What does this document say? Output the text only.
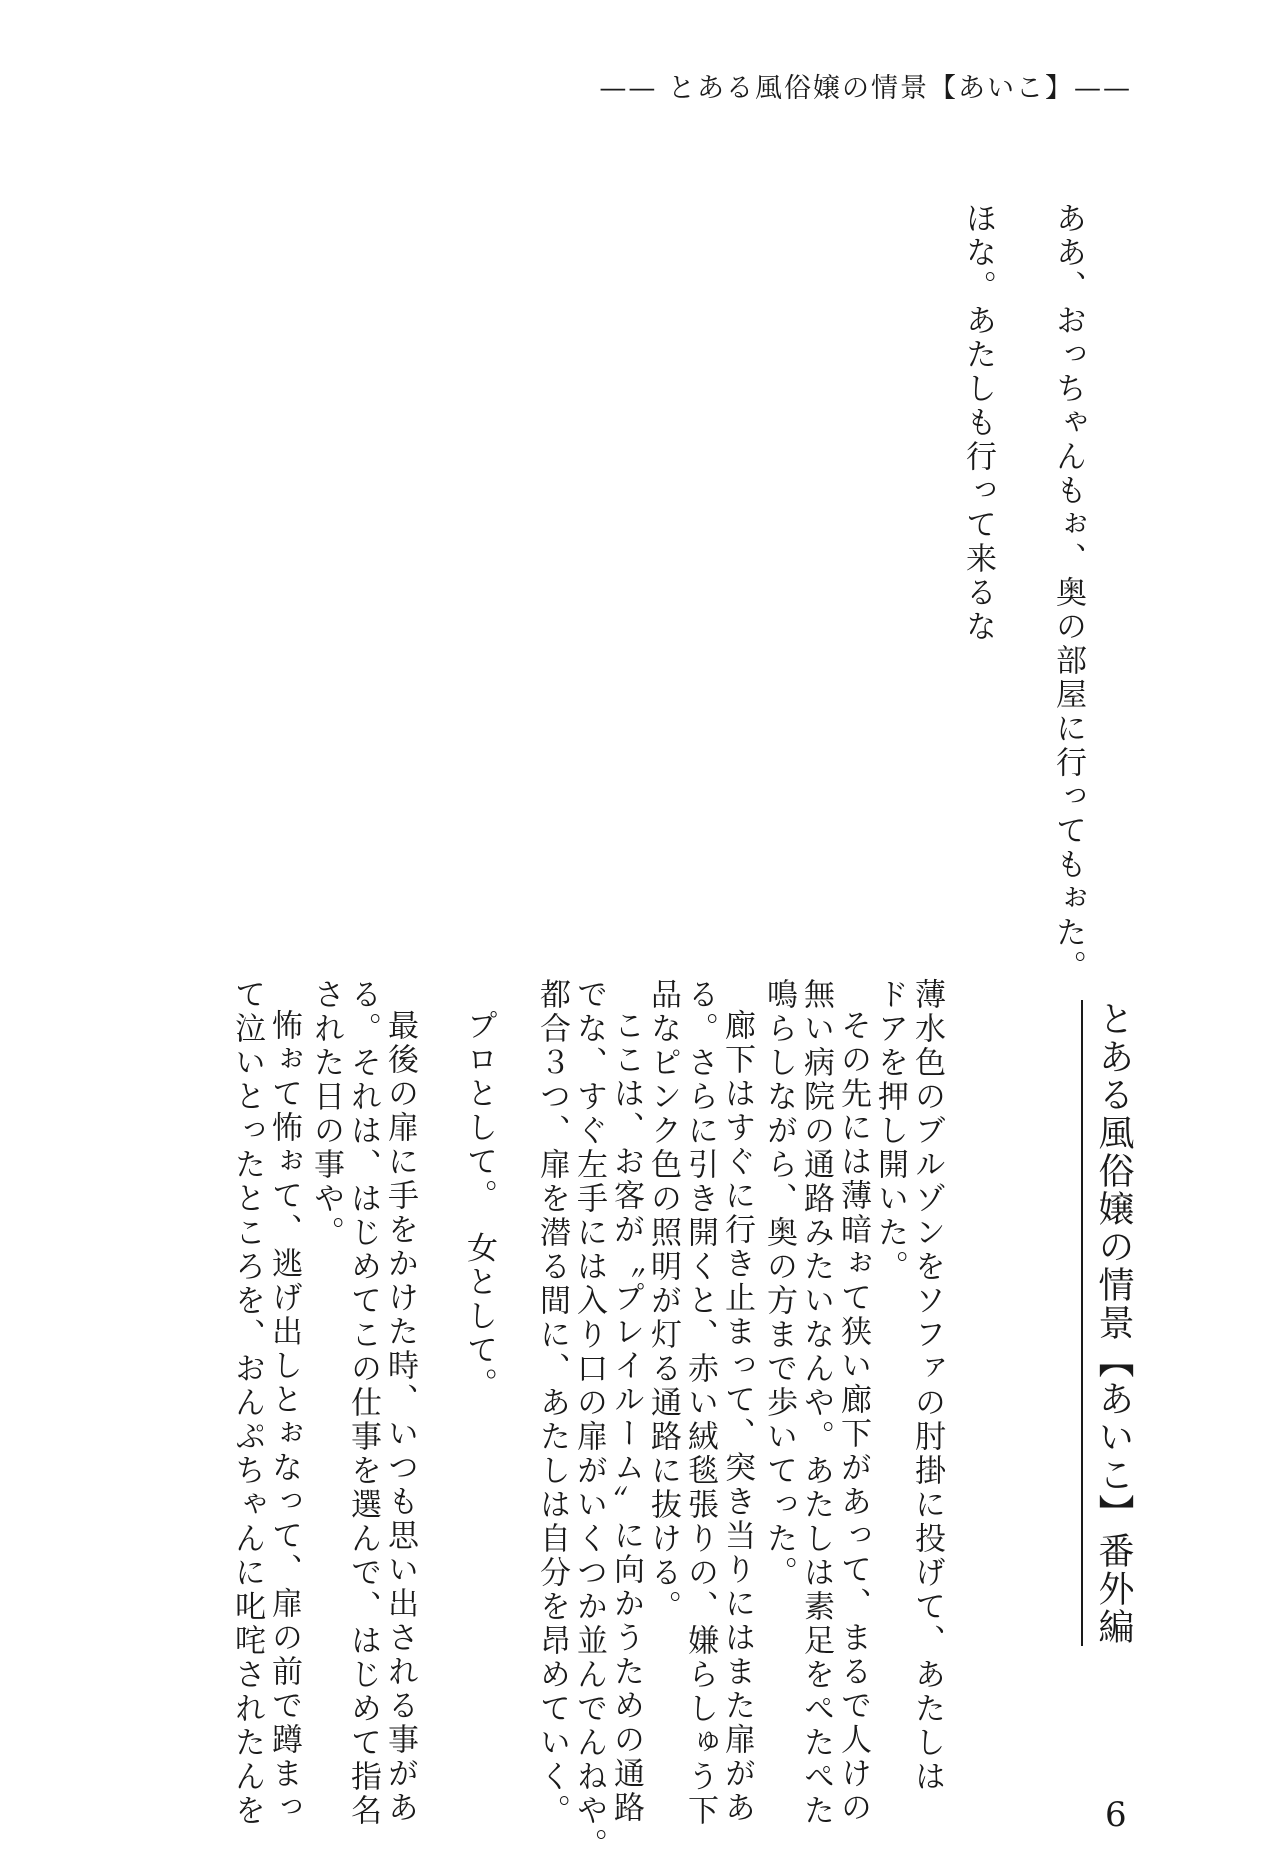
—— とある風俗嬢の情景【あいこ】——
ああ、おっちゃんもぉ、奥の部屋に行ってもぉた。
ほな。あたしも行って来るな
とある風俗嬢の情景【あいこ】番外編
薄水色のブルゾンをソファの肘掛に投げて、あたしは
ドアを押し開いた。
その先には薄暗ぉて狭い廊下があって、まるで人けの
無い病院の通路みたいなんや。あたしは素足をぺたぺた
鳴らしながら、奥の方まで歩いてった。
廊下はすぐに行き止まって、突き当りにはまた扉があ
る。さらに引き開くと、赤い絨毯張りの、嫌らしゅう下
品なピンク色の照明が灯る通路に抜ける。
ここは、お客が〝プレイルーム〟に向かうための通路
でな、すぐ左手には入り口の扉がいくつか並んでんねや。
都合３つ、扉を潜る間に、あたしは自分を昂めていく。
プロとして。　女として。
最後の扉に手をかけた時、いつも思い出される事があ
る。それは、はじめてこの仕事を選んで、はじめて指名
された日の事や。
怖ぉて怖ぉて、逃げ出しとぉなって、扉の前で蹲まっ
て泣いとったところを、おんぷちゃんに叱咤されたんを	6
